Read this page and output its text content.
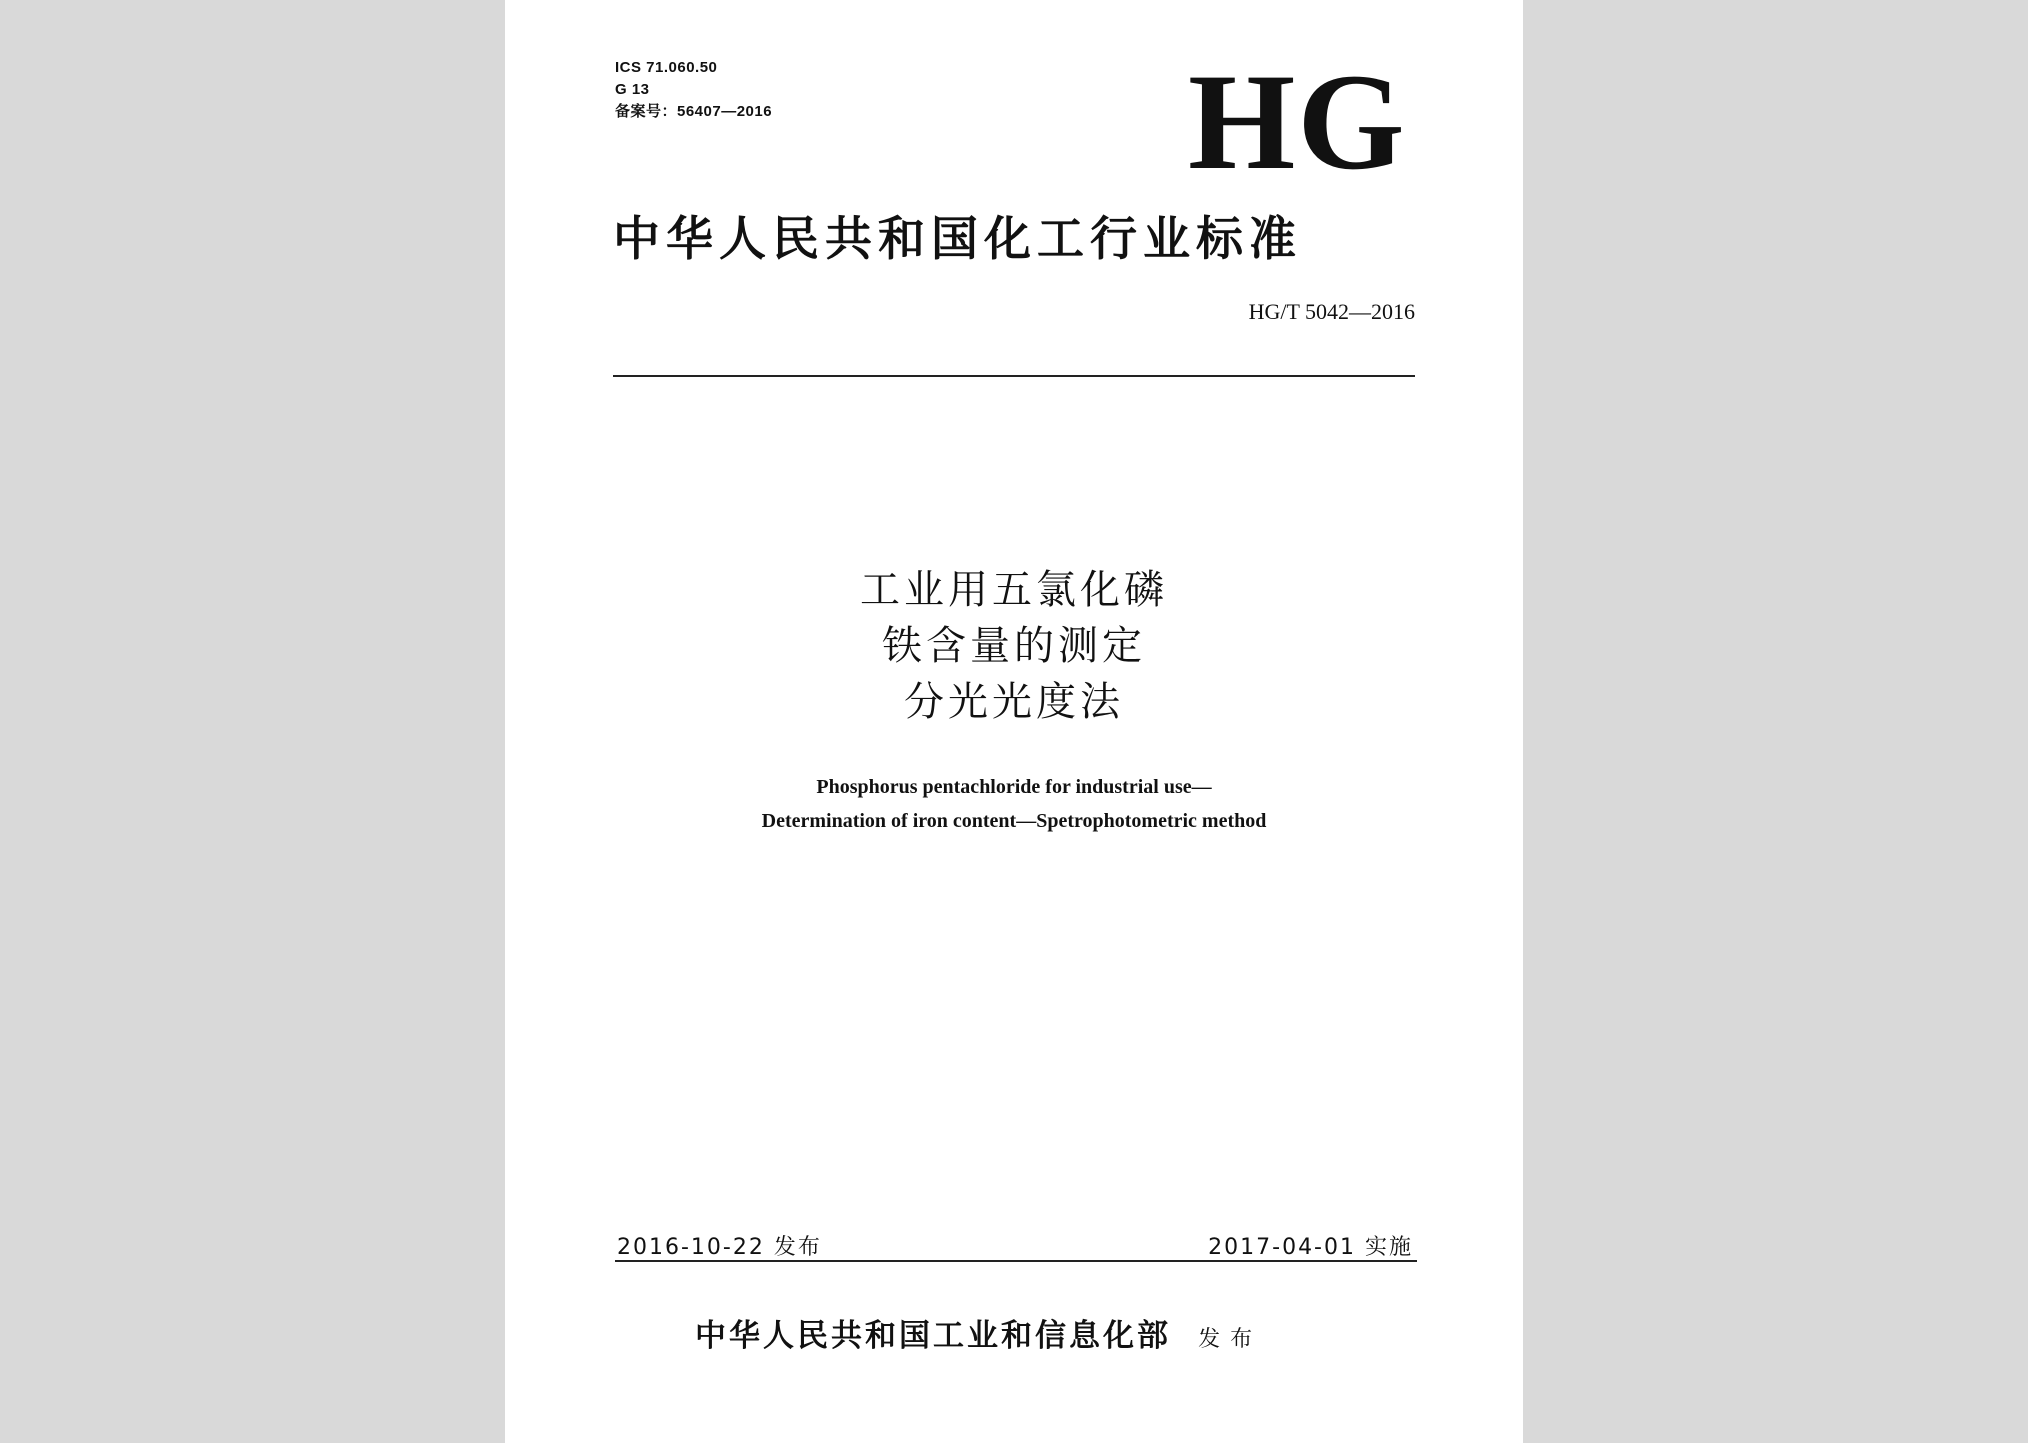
ICS 71.060.50
G 13
备案号：56407—2016	HG
中华人民共和国化工行业标准
HG/T 5042—2016
工业用五氯化磷
铁含量的测定
分光光度法
Phosphorus pentachloride for industrial use—
Determination of iron content—Spetrophotometric method
2016-10-22 发布	2017-04-01 实施
中华人民共和国工业和信息化部 发布
